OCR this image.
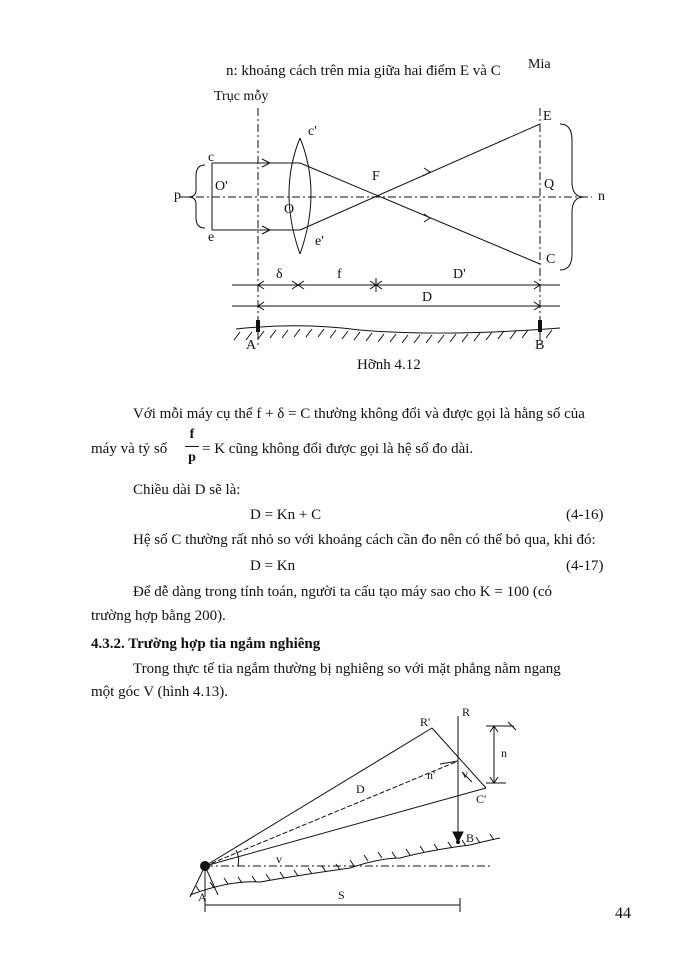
n: khoảng cách trên mia giữa hai điểm E và C Mia
Trục mỗy
c'
c
O'
O
p
e	e'
F
E
Q
C
n
δ	f	D'
D
A	B
Hỡnh 4.12
Với mỗi máy cụ thể f + δ = C thường không đổi và được gọi là hằng số của
máy và tỷ số
f
p
= K cũng không đổi được gọi là hệ số đo dài.
Chiều dài D sẽ là:
D = Kn + C	(4-16)
Hệ số C thường rất nhỏ so với khoảng cách cần đo nên có thể bỏ qua, khi đó:
D = Kn	(4-17)
Để dễ dàng trong tính toán, người ta cấu tạo máy sao cho K = 100 (có
trường hợp bằng 200).
4.3.2. Trường hợp tia ngắm nghiêng
Trong thực tế tia ngắm thường bị nghiêng so với mặt phẳng nằm ngang
một góc V (hình 4.13).
R'
R
n
n' v
D
C'
B
v
A	S
44
